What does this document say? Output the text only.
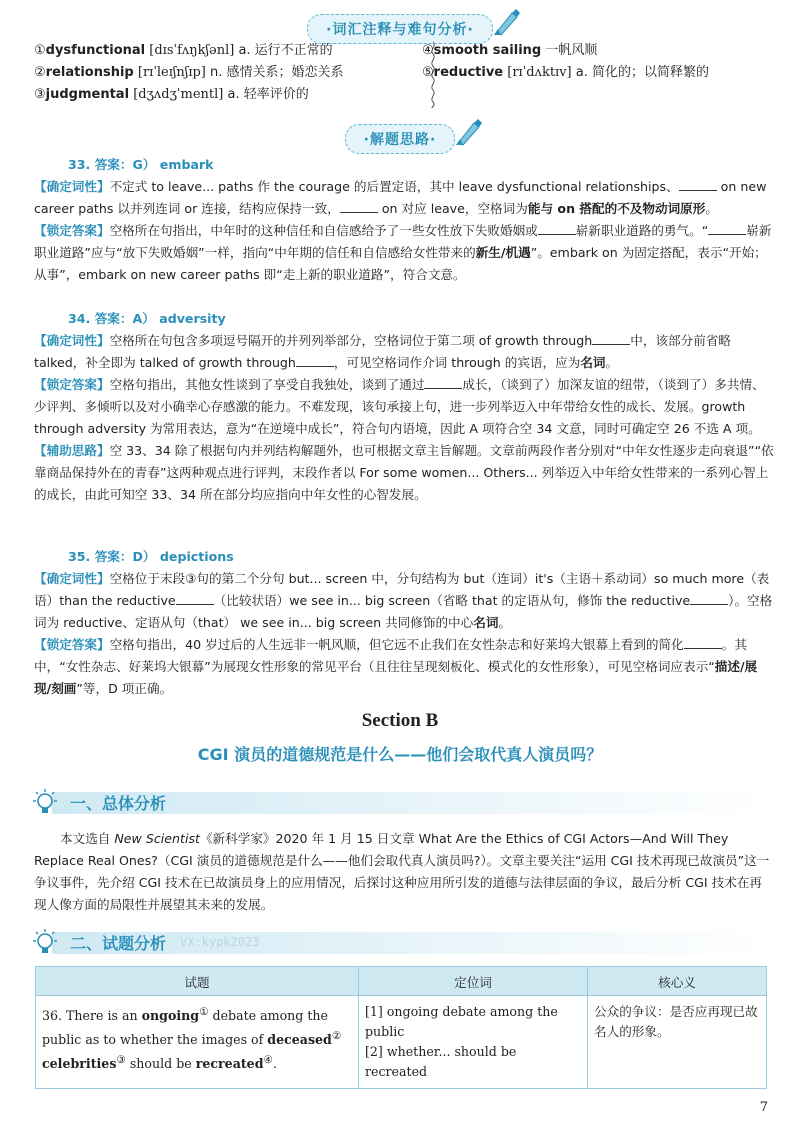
·词汇注释与难句分析·
①dysfunctional [dɪsˈfʌŋkʃənl] a. 运行不正常的
②relationship [rɪˈleɪʃnʃɪp] n. 感情关系；婚恋关系
③judgmental [dʒʌdʒˈmentl] a. 轻率评价的
④smooth sailing 一帆风顺
⑤reductive [rɪˈdʌktɪv] a. 简化的；以简释繁的
·解题思路·
33. 答案：G） embark
【确定词性】不定式 to leave... paths 作 the courage 的后置定语，其中 leave dysfunctional relationships、	on new career paths 以并列连词 or 连接，结构应保持一致，	on 对应 leave，空格词为能与 on 搭配的不及物动词原形。
【锁定答案】空格所在句指出，中年时的这种信任和自信感给予了一些女性放下失败婚姻或	崭新职业道路的勇气。“	崭新职业道路”应与“放下失败婚姻”一样，指向“中年期的信任和自信感给女性带来的新生/机遇”。embark on 为固定搭配，表示“开始；从事”，embark on new career paths 即“走上新的职业道路”，符合文意。
34. 答案：A） adversity
【确定词性】空格所在句包含多项逗号隔开的并列列举部分，空格词位于第二项 of growth through	中，该部分前省略 talked，补全即为 talked of growth through	，可见空格词作介词 through 的宾语，应为名词。
【锁定答案】空格句指出，其他女性谈到了享受自我独处，谈到了通过	成长，（谈到了）加深友谊的纽带，（谈到了）多共情、少评判、多倾听以及对小确幸心存感激的能力。不难发现，该句承接上句，进一步列举迈入中年带给女性的成长、发展。growth through adversity 为常用表达，意为“在逆境中成长”，符合句内语境，因此 A 项符合空 34 文意，同时可确定空 26 不选 A 项。
【辅助思路】空 33、34 除了根据句内并列结构解题外，也可根据文章主旨解题。文章前两段作者分别对“中年女性逐步走向衰退”“依靠商品保持外在的青春”这两种观点进行评判，末段作者以 For some women... Others... 列举迈入中年给女性带来的一系列心智上的成长，由此可知空 33、34 所在部分均应指向中年女性的心智发展。
35. 答案：D） depictions
【确定词性】空格位于末段③句的第二个分句 but... screen 中，分句结构为 but（连词）it's（主语＋系动词）so much more（表语）than the reductive	（比较状语）we see in... big screen（省略 that 的定语从句，修饰 the reductive	）。空格词为 reductive、定语从句（that） we see in... big screen 共同修饰的中心名词。
【锁定答案】空格句指出，40 岁过后的人生远非一帆风顺，但它远不止我们在女性杂志和好莱坞大银幕上看到的简化	。其中，“女性杂志、好莱坞大银幕”为展现女性形象的常见平台（且往往呈现刻板化、模式化的女性形象），可见空格词应表示“描述/展现/刻画”等，D 项正确。
Section B
CGI 演员的道德规范是什么——他们会取代真人演员吗？
一、总体分析
本文选自 New Scientist《新科学家》2020 年 1 月 15 日文章 What Are the Ethics of CGI Actors—And Will They Replace Real Ones?（CGI 演员的道德规范是什么——他们会取代真人演员吗?）。文章主要关注“运用 CGI 技术再现已故演员”这一争议事件，先介绍 CGI 技术在已故演员身上的应用情况，后探讨这种应用所引发的道德与法律层面的争议，最后分析 CGI 技术在再现人像方面的局限性并展望其未来的发展。
二、试题分析 VX:kypk2023
试题	定位词	核心义
36. There is an ongoing① debate among the public as to whether the images of deceased② celebrities③ should be recreated④.	[1] ongoing debate among the public
[2] whether... should be recreated	公众的争议：是否应再现已故名人的形象。
7
